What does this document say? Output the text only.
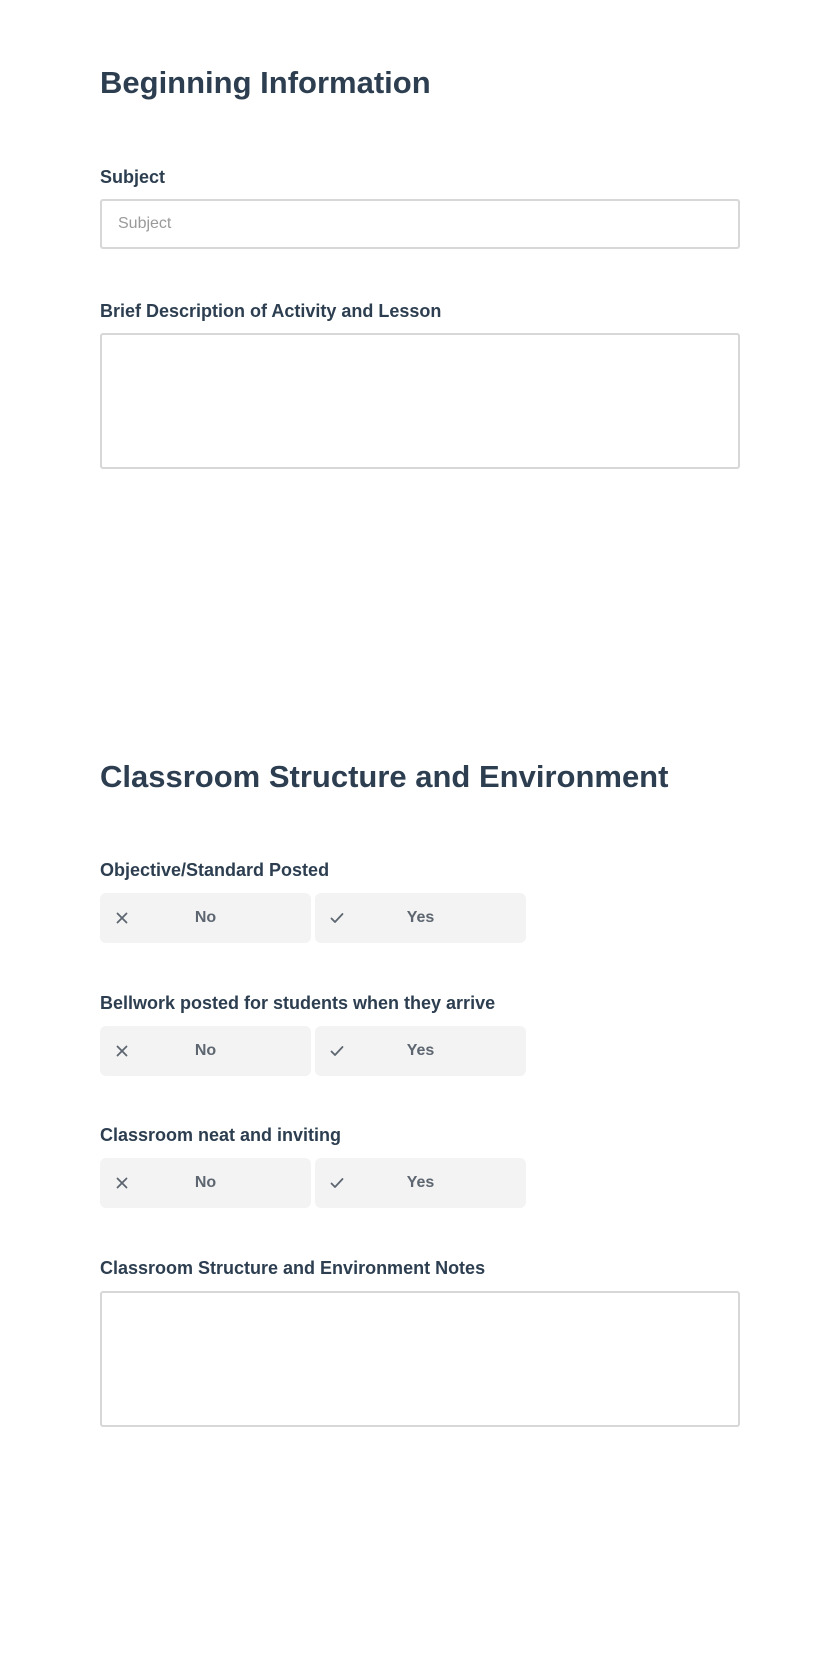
Beginning Information
Subject
Subject
Brief Description of Activity and Lesson
Classroom Structure and Environment
Objective/Standard Posted
No	Yes
Bellwork posted for students when they arrive
No	Yes
Classroom neat and inviting
No	Yes
Classroom Structure and Environment Notes
